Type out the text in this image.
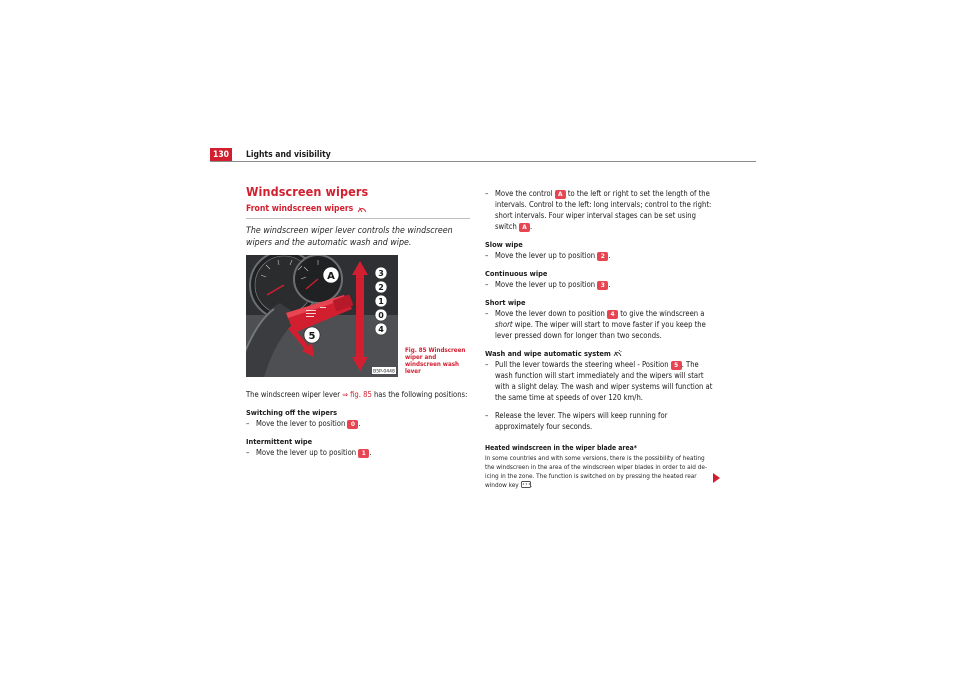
130	Lights and visibility
Windscreen wipers
Front windscreen wipers

The windscreen wiper lever controls the windscreen wipers and the automatic wash and wipe.

A	3
2
1
0
4
5
B5P-0448
Fig. 85 Windscreen wiper and windscreen wash lever

The windscreen wiper lever ⇒ fig. 85 has the following positions:

Switching off the wipers

– Move the lever to position 0 .

Intermittent wipe

– Move the lever up to position 1 .
– Move the control A to the left or right to set the length of the intervals. Control to the left: long intervals; control to the right: short intervals. Four wiper interval stages can be set using switch A .

Slow wipe

– Move the lever up to position 2 .

Continuous wipe

– Move the lever up to position 3 .

Short wipe

– Move the lever down to position 4 to give the windscreen a short wipe. The wiper will start to move faster if you keep the lever pressed down for longer than two seconds.

Wash and wipe automatic system

– Pull the lever towards the steering wheel - Position 5 . The wash function will start immediately and the wipers will start with a slight delay. The wash and wiper systems will function at the same time at speeds of over 120 km/h.
– Release the lever. The wipers will keep running for approximately four seconds.

Heated windscreen in the wiper blade area*

In some countries and with some versions, there is the possibility of heating the windscreen in the area of the windscreen wiper blades in order to aid de-icing in the zone. The function is switched on by pressing the heated rear window key .
